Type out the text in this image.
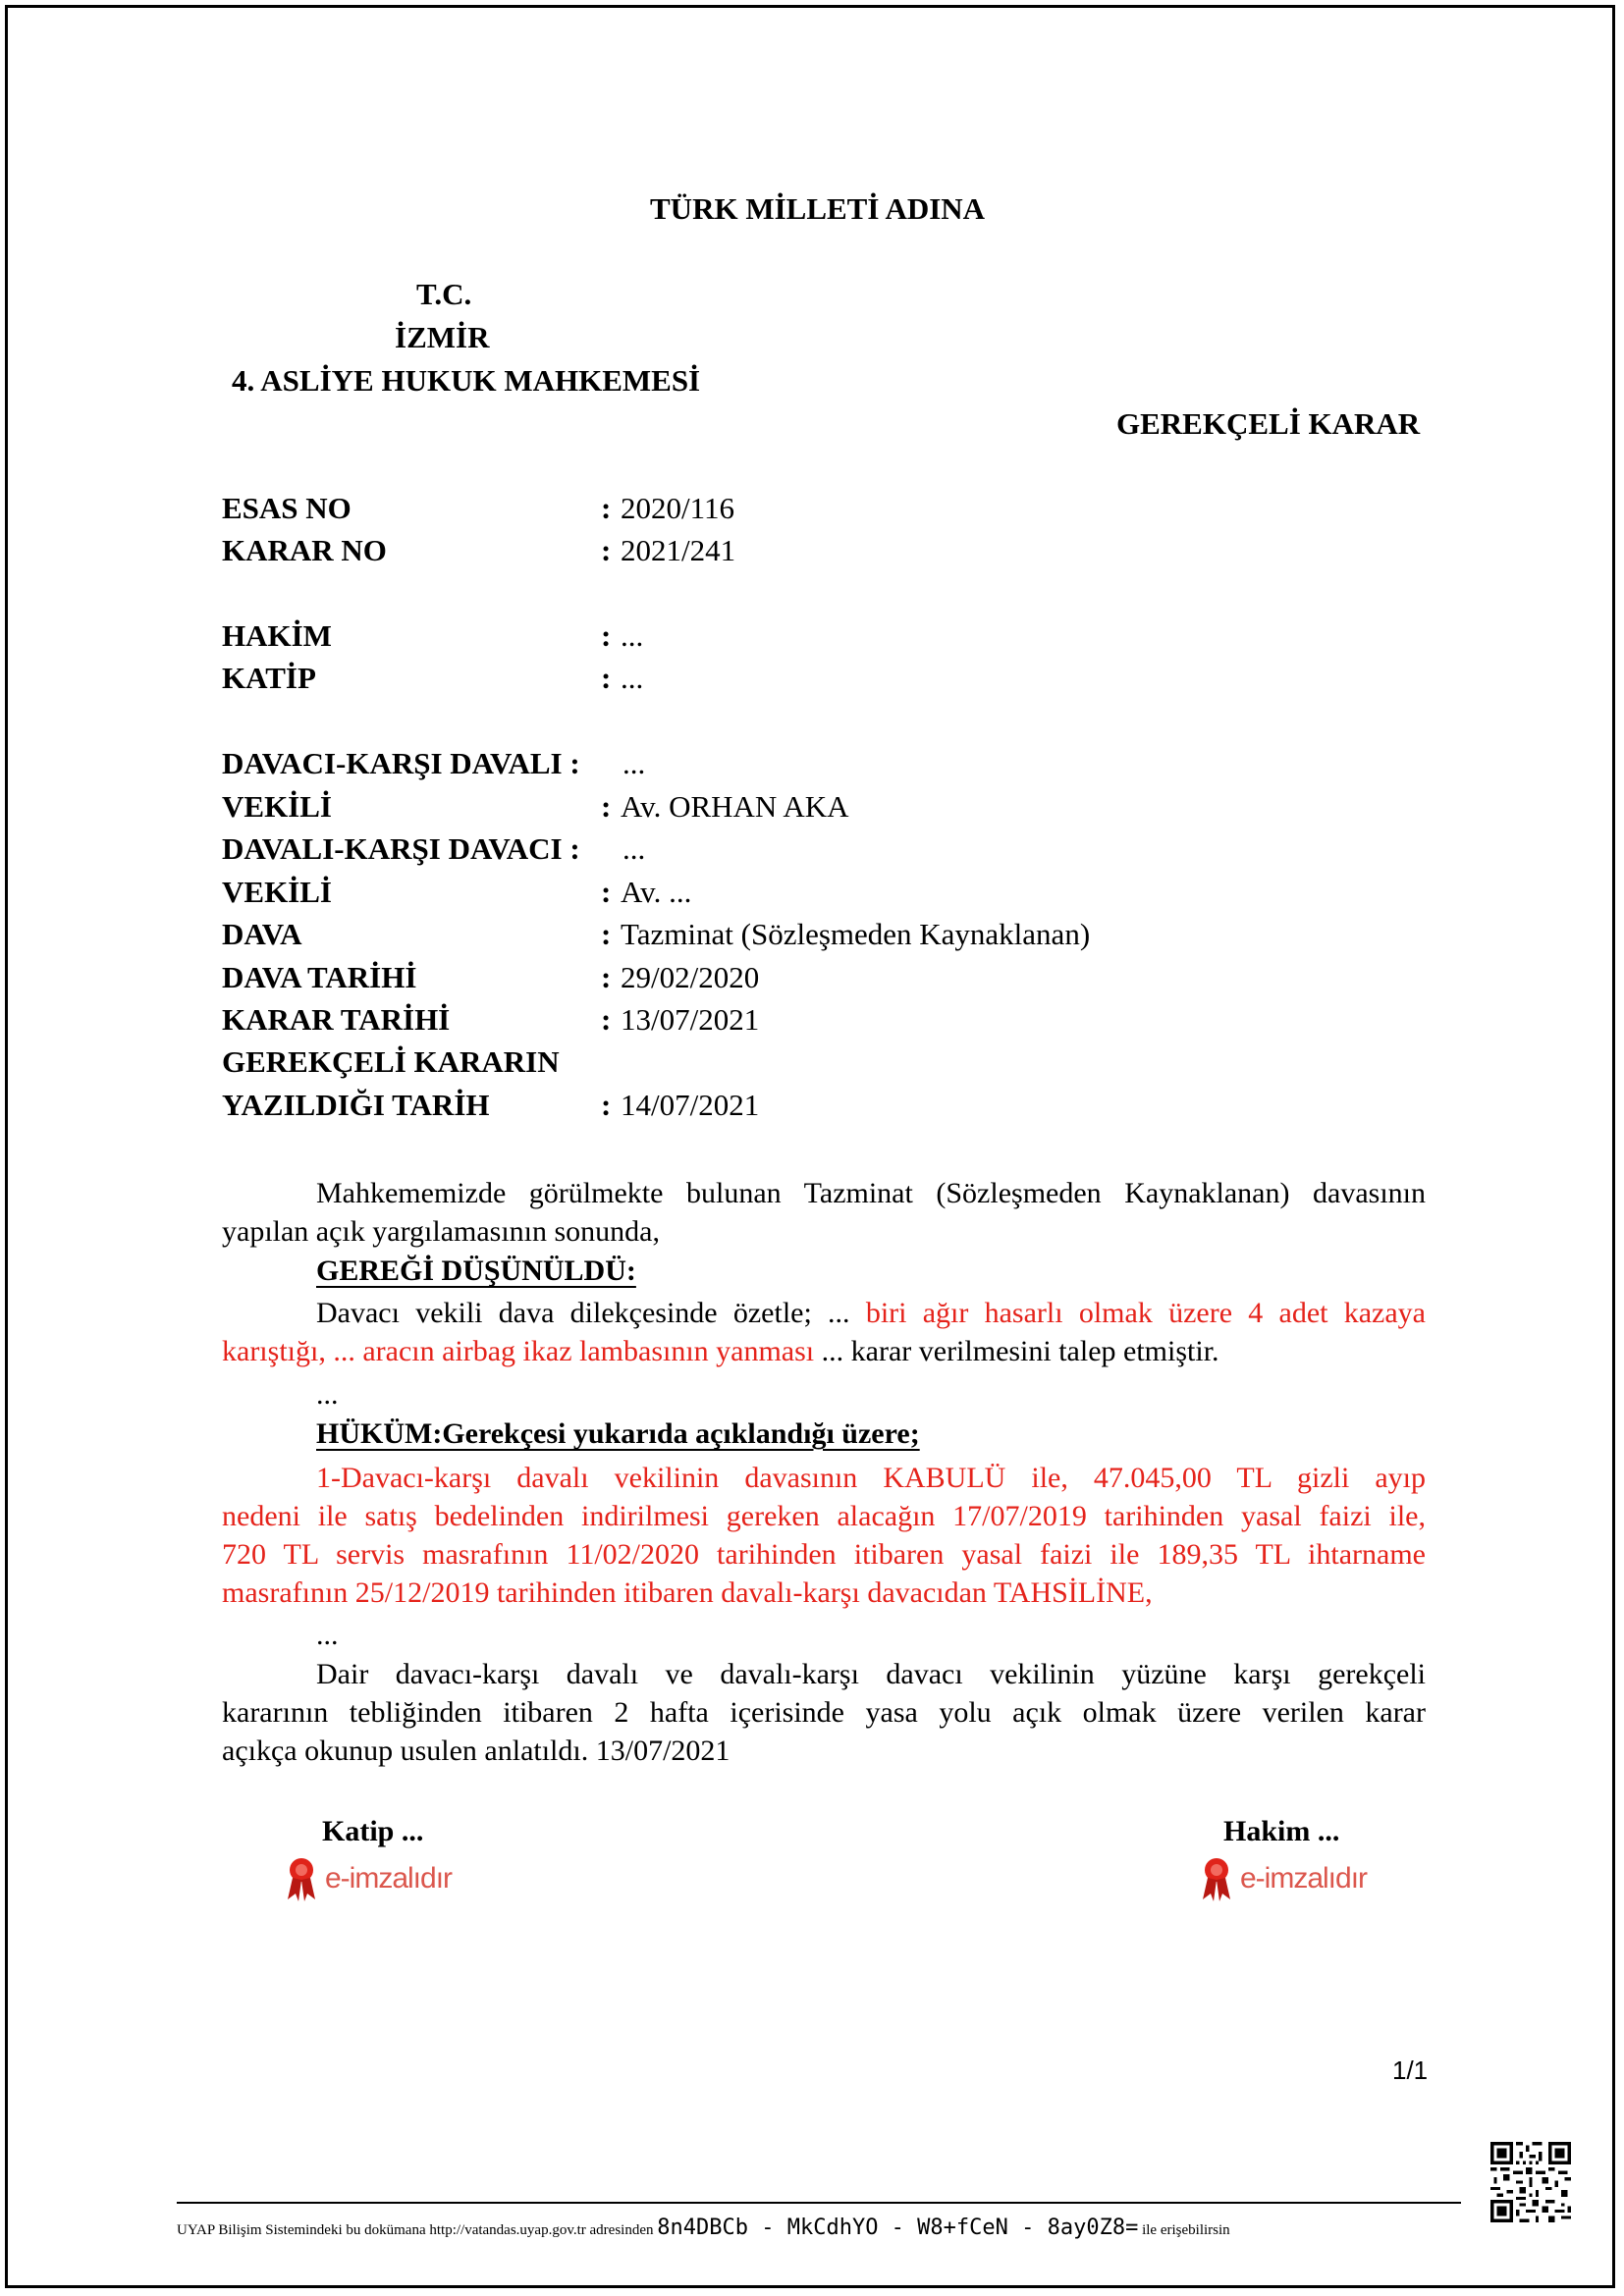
TÜRK MİLLETİ ADINA
T.C.
İZMİR
4. ASLİYE HUKUK MAHKEMESİ
GEREKÇELİ KARAR
ESAS NO	: 2020/116
KARAR NO	: 2021/241
HAKİM	: ...
KATİP	: ...
DAVACI-KARŞI DAVALI : ...
VEKİLİ	: Av. ORHAN AKA
DAVALI-KARŞI DAVACI : ...
VEKİLİ	: Av. ...
DAVA	: Tazminat (Sözleşmeden Kaynaklanan)
DAVA TARİHİ	: 29/02/2020
KARAR TARİHİ	: 13/07/2021
GEREKÇELİ KARARIN
YAZILDIĞI TARİH	: 14/07/2021
Mahkememizde görülmekte bulunan Tazminat (Sözleşmeden Kaynaklanan) davasının
yapılan açık yargılamasının sonunda,
GEREĞİ DÜŞÜNÜLDÜ:
Davacı vekili dava dilekçesinde özetle; ... biri ağır hasarlı olmak üzere 4 adet kazaya
karıştığı, ... aracın airbag ikaz lambasının yanması ... karar verilmesini talep etmiştir.
...
HÜKÜM:Gerekçesi yukarıda açıklandığı üzere;
1-Davacı-karşı davalı vekilinin davasının KABULÜ ile, 47.045,00 TL gizli ayıp
nedeni ile satış bedelinden indirilmesi gereken alacağın 17/07/2019 tarihinden yasal faizi ile,
720 TL servis masrafının 11/02/2020 tarihinden itibaren yasal faizi ile 189,35 TL ihtarname
masrafının 25/12/2019 tarihinden itibaren davalı-karşı davacıdan TAHSİLİNE,
...
Dair davacı-karşı davalı ve davalı-karşı davacı vekilinin yüzüne karşı gerekçeli
kararının tebliğinden itibaren 2 hafta içerisinde yasa yolu açık olmak üzere verilen karar
açıkça okunup usulen anlatıldı. 13/07/2021
Katip ...	Hakim ...
e-imzalıdır	e-imzalıdır
1/1
UYAP Bilişim Sistemindeki bu dokümana http://vatandas.uyap.gov.tr adresinden 8n4DBCb - MkCdhYO - W8+fCeN - 8ay0Z8= ile erişebilirsin
